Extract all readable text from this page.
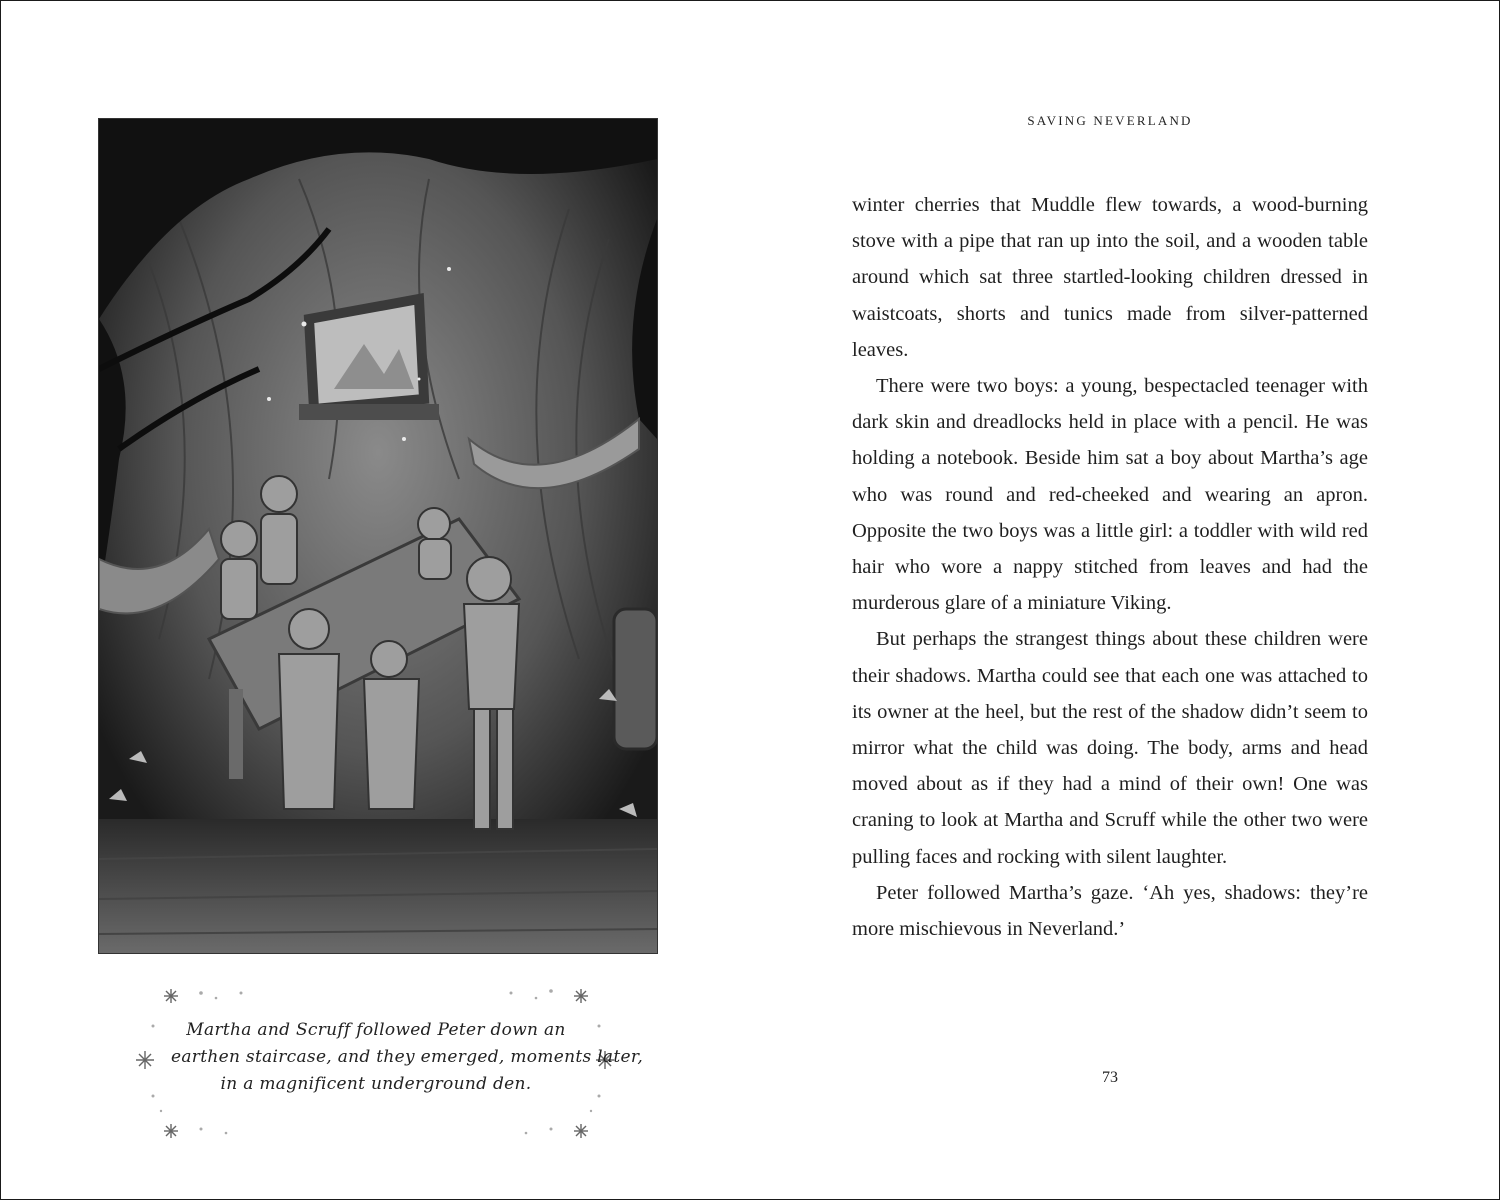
Martha and Scruff followed Peter down an
earthen staircase, and they emerged, moments later,
in a magnificent underground den.
SAVING NEVERLAND

winter cherries that Muddle flew towards, a wood-burning stove with a pipe that ran up into the soil, and a wooden table around which sat three startled-looking children dressed in waistcoats, shorts and tunics made from silver-patterned leaves.

There were two boys: a young, bespectacled teenager with dark skin and dreadlocks held in place with a pencil. He was holding a notebook. Beside him sat a boy about Martha’s age who was round and red-cheeked and wearing an apron. Opposite the two boys was a little girl: a toddler with wild red hair who wore a nappy stitched from leaves and had the murderous glare of a miniature Viking.

But perhaps the strangest things about these children were their shadows. Martha could see that each one was attached to its owner at the heel, but the rest of the shadow didn’t seem to mirror what the child was doing. The body, arms and head moved about as if they had a mind of their own! One was craning to look at Martha and Scruff while the other two were pulling faces and rocking with silent laughter.

Peter followed Martha’s gaze. ‘Ah yes, shadows: they’re more mischievous in Neverland.’

73
